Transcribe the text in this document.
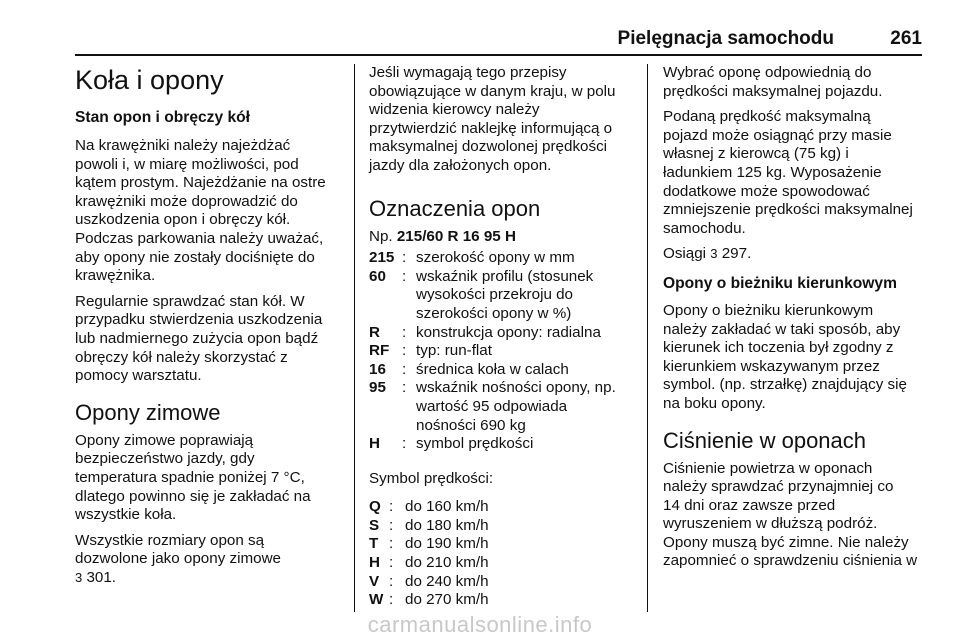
Pielęgnacja samochodu	261

Koła i opony

Stan opon i obręczy kół

Na krawężniki należy najeżdżać
powoli i, w miarę możliwości, pod
kątem prostym. Najeżdżanie na ostre
krawężniki może doprowadzić do
uszkodzenia opon i obręczy kół.
Podczas parkowania należy uważać,
aby opony nie zostały dociśnięte do
krawężnika.

Regularnie sprawdzać stan kół. W
przypadku stwierdzenia uszkodzenia
lub nadmiernego zużycia opon bądź
obręczy kół należy skorzystać z
pomocy warsztatu.

Opony zimowe

Opony zimowe poprawiają
bezpieczeństwo jazdy, gdy
temperatura spadnie poniżej 7 °C,
dlatego powinno się je zakładać na
wszystkie koła.

Wszystkie rozmiary opon są
dozwolone jako opony zimowe
3 301.

Jeśli wymagają tego przepisy
obowiązujące w danym kraju, w polu
widzenia kierowcy należy
przytwierdzić naklejkę informującą o
maksymalnej dozwolonej prędkości
jazdy dla założonych opon.

Oznaczenia opon

Np. 215/60 R 16 95 H

215 : szerokość opony w mm
60	: wskaźnik profilu (stosunek
wysokości przekroju do
szerokości opony w %)
R	: konstrukcja opony: radialna
RF : typ: run-flat
16	: średnica koła w calach
95	: wskaźnik nośności opony, np.
wartość 95 odpowiada
nośności 690 kg
H	: symbol prędkości

Symbol prędkości:

Q : do 160 km/h
S : do 180 km/h
T : do 190 km/h
H : do 210 km/h
V : do 240 km/h
W : do 270 km/h

Wybrać oponę odpowiednią do
prędkości maksymalnej pojazdu.

Podaną prędkość maksymalną
pojazd może osiągnąć przy masie
własnej z kierowcą (75 kg) i
ładunkiem 125 kg. Wyposażenie
dodatkowe może spowodować
zmniejszenie prędkości maksymalnej
samochodu.

Osiągi 3 297.

Opony o bieżniku kierunkowym

Opony o bieżniku kierunkowym
należy zakładać w taki sposób, aby
kierunek ich toczenia był zgodny z
kierunkiem wskazywanym przez
symbol. (np. strzałkę) znajdujący się
na boku opony.

Ciśnienie w oponach

Ciśnienie powietrza w oponach
należy sprawdzać przynajmniej co
14 dni oraz zawsze przed
wyruszeniem w dłuższą podróż.
Opony muszą być zimne. Nie należy
zapomnieć o sprawdzeniu ciśnienia w

carmanualsonline.info
